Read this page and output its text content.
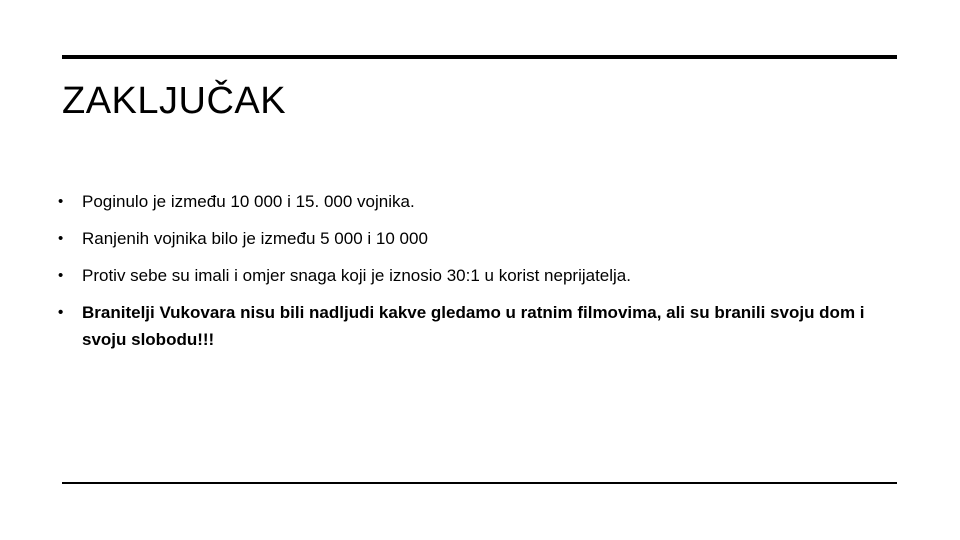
ZAKLJUČAK
• Poginulo je između 10 000 i 15. 000 vojnika.
• Ranjenih vojnika bilo je između 5 000 i 10 000
• Protiv sebe su imali i omjer snaga koji je iznosio 30:1 u korist neprijatelja.
• Branitelji Vukovara nisu bili nadljudi kakve gledamo u ratnim filmovima, ali su branili svoju dom i svoju slobodu!!!
